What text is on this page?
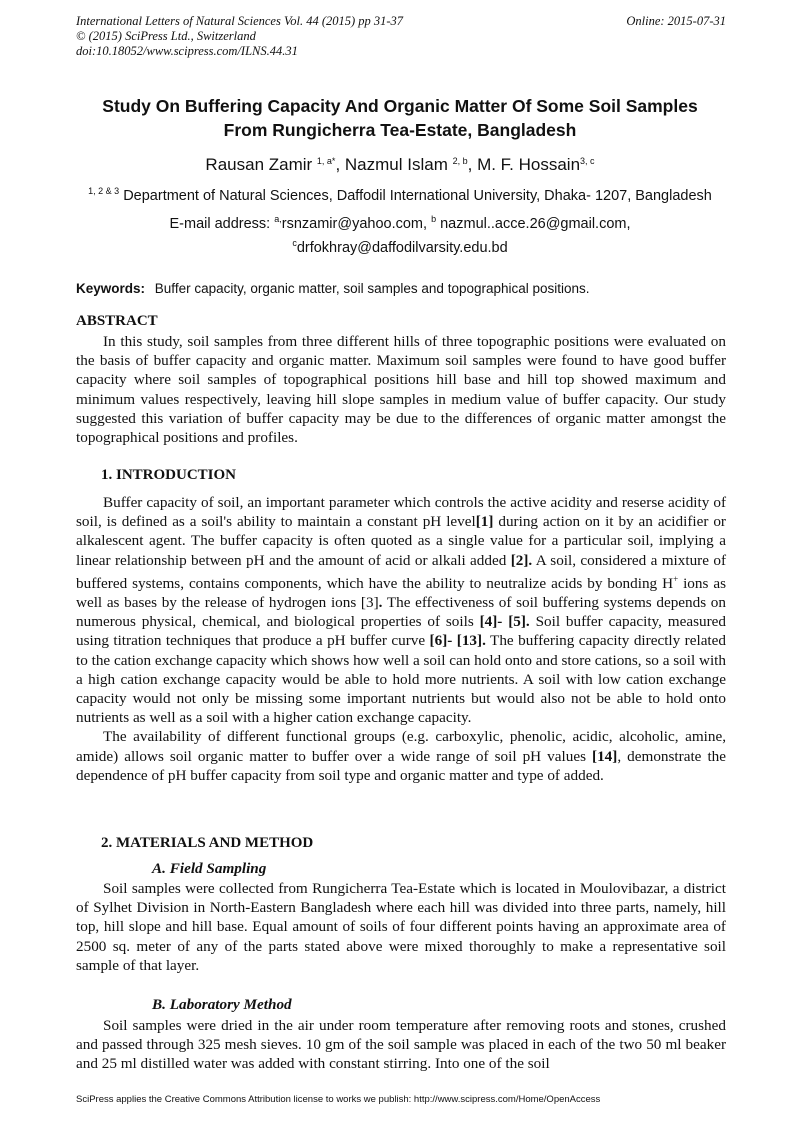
International Letters of Natural Sciences Vol. 44 (2015) pp 31-37
© (2015) SciPress Ltd., Switzerland
doi:10.18052/www.scipress.com/ILNS.44.31
Online: 2015-07-31
Study On Buffering Capacity And Organic Matter Of Some Soil Samples
From Rungicherra Tea-Estate, Bangladesh
Rausan Zamir $^{1, a*}$, Nazmul Islam $^{2, b}$, M. F. Hossain$^{3, c}$
$^{1, 2 \& 3}$ Department of Natural Sciences, Daffodil International University, Dhaka- 1207, Bangladesh
E-mail address: $^{a,}$rsnzamir@yahoo.com, $^b$ nazmul..acce.26@gmail.com,
$^c$drfokhray@daffodilvarsity.edu.bd
Keywords: Buffer capacity, organic matter, soil samples and topographical positions.
ABSTRACT

In this study, soil samples from three different hills of three topographic positions were evaluated on the basis of buffer capacity and organic matter. Maximum soil samples were found to have good buffer capacity where soil samples of topographical positions hill base and hill top showed maximum and minimum values respectively, leaving hill slope samples in medium value of buffer capacity. Our study suggested this variation of buffer capacity may be due to the differences of organic matter amongst the topographical positions and profiles.

1. INTRODUCTION

Buffer capacity of soil, an important parameter which controls the active acidity and reserse acidity of soil, is defined as a soil's ability to maintain a constant pH level[1] during action on it by an acidifier or alkalescent agent. The buffer capacity is often quoted as a single value for a particular soil, implying a linear relationship between pH and the amount of acid or alkali added [2]. A soil, considered a mixture of buffered systems, contains components, which have the ability to neutralize acids by bonding H+ ions as well as bases by the release of hydrogen ions [3]. The effectiveness of soil buffering systems depends on numerous physical, chemical, and biological properties of soils [4]- [5]. Soil buffer capacity, measured using titration techniques that produce a pH buffer curve [6]- [13]. The buffering capacity directly related to the cation exchange capacity which shows how well a soil can hold onto and store cations, so a soil with a high cation exchange capacity would be able to hold more nutrients. A soil with low cation exchange capacity would not only be missing some important nutrients but would also not be able to hold onto nutrients as well as a soil with a higher cation exchange capacity.

The availability of different functional groups (e.g. carboxylic, phenolic, acidic, alcoholic, amine, amide) allows soil organic matter to buffer over a wide range of soil pH values [14], demonstrate the dependence of pH buffer capacity from soil type and organic matter and type of added.

2. MATERIALS AND METHOD
A. Field Sampling

Soil samples were collected from Rungicherra Tea-Estate which is located in Moulovibazar, a district of Sylhet Division in North-Eastern Bangladesh where each hill was divided into three parts, namely, hill top, hill slope and hill base. Equal amount of soils of four different points having an approximate area of 2500 sq. meter of any of the parts stated above were mixed thoroughly to make a representative soil sample of that layer.

B. Laboratory Method

Soil samples were dried in the air under room temperature after removing roots and stones, crushed and passed through 325 mesh sieves. 10 gm of the soil sample was placed in each of the two 50 ml beaker and 25 ml distilled water was added with constant stirring. Into one of the soil

SciPress applies the Creative Commons Attribution license to works we publish: http://www.scipress.com/Home/OpenAccess
